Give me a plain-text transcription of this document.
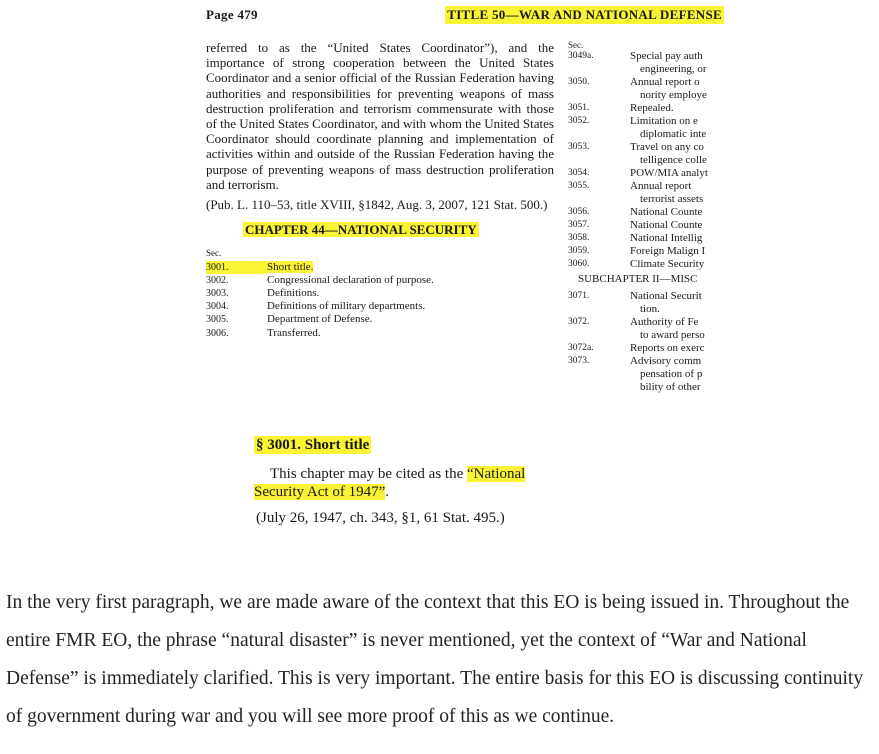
Page 479	TITLE 50—WAR AND NATIONAL DEFENSE

referred to as the “United States Coordinator”), and the importance of strong cooperation between the United States Coordinator and a senior official of the Russian Federation having authorities and responsibilities for preventing weapons of mass destruction proliferation and terrorism commensurate with those of the United States Coordinator, and with whom the United States Coordinator should coordinate planning and implementation of activities within and outside of the Russian Federation having the purpose of preventing weapons of mass destruction proliferation and terrorism.

(Pub. L. 110–53, title XVIII, §1842, Aug. 3, 2007, 121 Stat. 500.)

CHAPTER 44—NATIONAL SECURITY
Sec.
3001.	Short title.
3002.	Congressional declaration of purpose.
3003.	Definitions.
3004.	Definitions of military departments.
3005.	Department of Defense.
3006.	Transferred.
Sec.
3049a.	Special pay auth
engineering, or
3050.	Annual report o
nority employe
3051.	Repealed.
3052.	Limitation on e
diplomatic inte
3053.	Travel on any co
telligence colle
3054.	POW/MIA analyt
3055.	Annual report
terrorist assets
3056.	National Counte
3057.	National Counte
3058.	National Intellig
3059.	Foreign Malign I
3060.	Climate Security
SUBCHAPTER II—MISC
3071.	National Securit
tion.
3072.	Authority of Fe
to award perso
3072a.	Reports on exerc
3073.	Advisory comm
pensation of p
bility of other
§ 3001. Short title
This chapter may be cited as the “National
Security Act of 1947”.
(July 26, 1947, ch. 343, §1, 61 Stat. 495.)

In the very first paragraph, we are made aware of the context that this EO is being issued in. Throughout the entire FMR EO, the phrase “natural disaster” is never mentioned, yet the context of “War and National Defense” is immediately clarified. This is very important. The entire basis for this EO is discussing continuity of government during war and you will see more proof of this as we continue.
